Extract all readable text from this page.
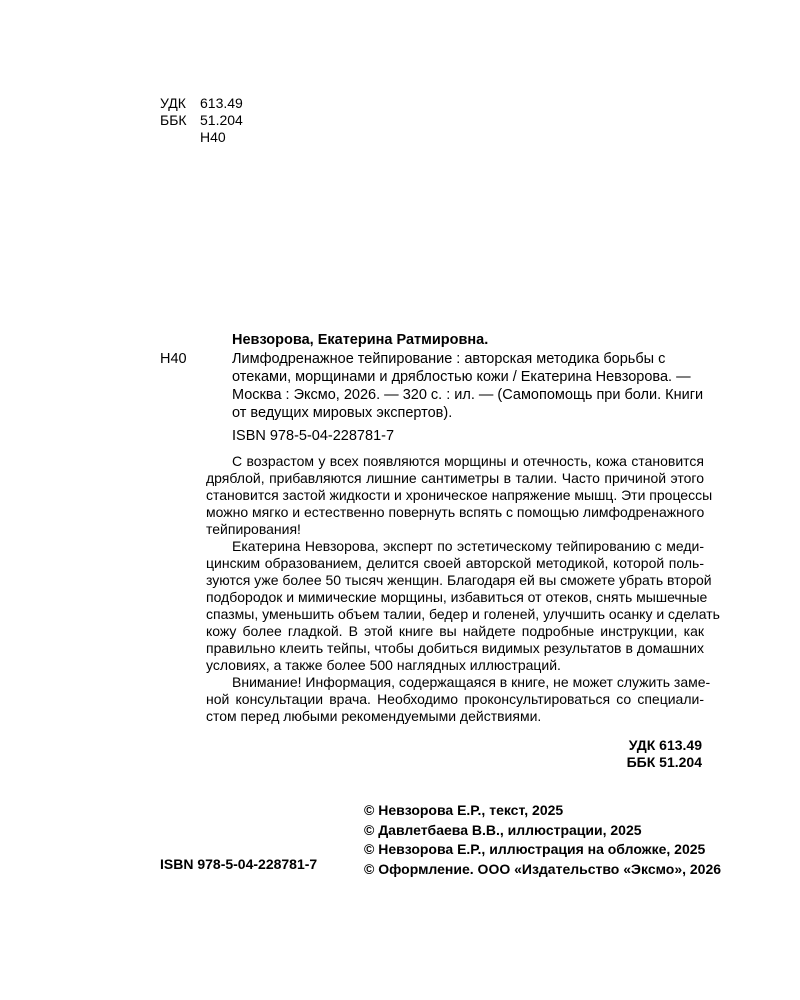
УДК	613.49
ББК 51.204
Н40
Невзорова, Екатерина Ратмировна.
Н40	Лимфодренажное тейпирование : авторская методика борьбы с
отеками, морщинами и дряблостью кожи / Екатерина Невзорова. —
Москва : Эксмо, 2026. — 320 с. : ил. — (Самопомощь при боли. Книги
от ведущих мировых экспертов).
ISBN 978-5-04-228781-7
С возрастом у всех появляются морщины и отечность, кожа становится
дряблой, прибавляются лишние сантиметры в талии. Часто причиной этого
становится застой жидкости и хроническое напряжение мышц. Эти процессы
можно мягко и естественно повернуть вспять с помощью лимфодренажного
тейпирования!
Екатерина Невзорова, эксперт по эстетическому тейпированию с меди-
цинским образованием, делится своей авторской методикой, которой поль-
зуются уже более 50 тысяч женщин. Благодаря ей вы сможете убрать второй
подбородок и мимические морщины, избавиться от отеков, снять мышечные
спазмы, уменьшить объем талии, бедер и голеней, улучшить осанку и сделать
кожу более гладкой. В этой книге вы найдете подробные инструкции, как
правильно клеить тейпы, чтобы добиться видимых результатов в домашних
условиях, а также более 500 наглядных иллюстраций.
Внимание! Информация, содержащаяся в книге, не может служить заме-
ной консультации врача. Необходимо проконсультироваться со специали-
стом перед любыми рекомендуемыми действиями.
УДК 613.49
ББК 51.204
© Невзорова Е.Р., текст, 2025
© Давлетбаева В.В., иллюстрации, 2025
© Невзорова Е.Р., иллюстрация на обложке, 2025
© Оформление. ООО «Издательство «Эксмо», 2026
ISBN 978-5-04-228781-7
